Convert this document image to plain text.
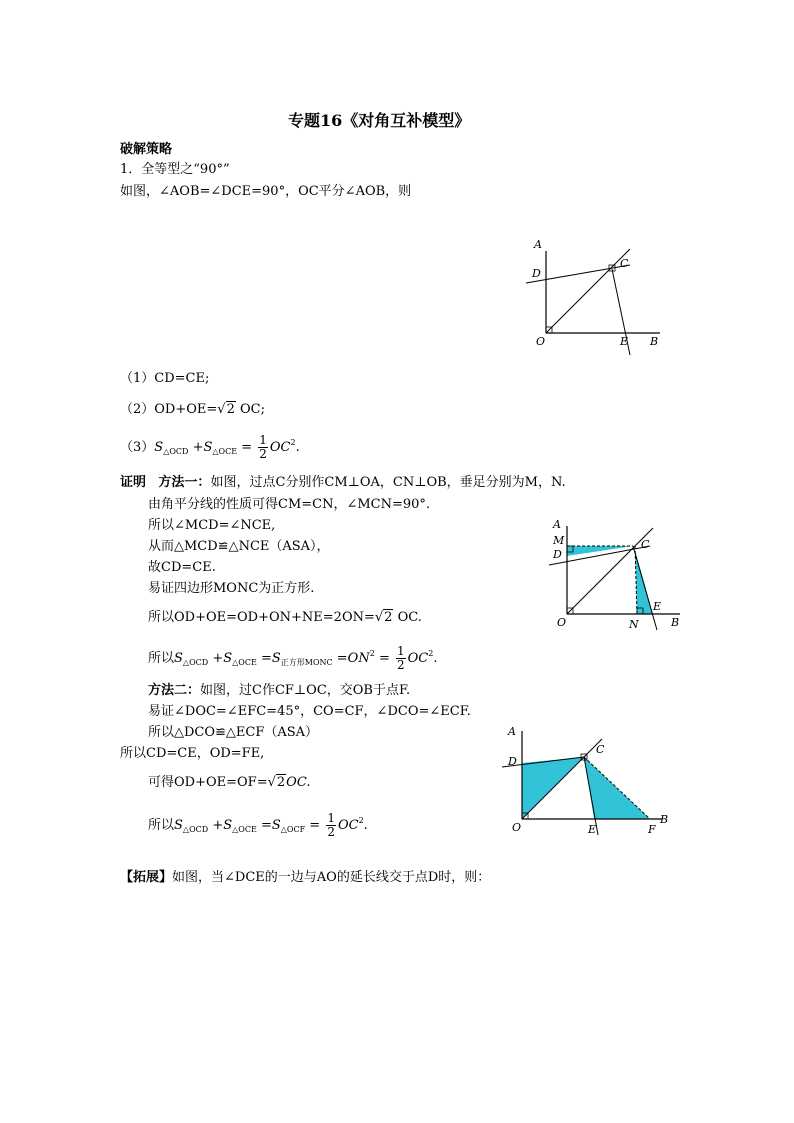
专题16《对角互补模型》
破解策略
1．全等型之“90°”
如图，∠AOB=∠DCE=90°，OC平分∠AOB，则
A
D
C
O	E B
（1）CD=CE;
（2）OD+OE=√2 OC;
$(3)S_{\triangle OCD} +S_{\triangle OCE} = \frac{1}{2} OC^2$.
证明 方法一：如图，过点C分别作CM⊥OA，CN⊥OB，垂足分别为M，N.
由角平分线的性质可得CM=CN，∠MCN=90°.
所以∠MCD=∠NCE,
从而△MCD≌△NCE（ASA），
故CD=CE.
易证四边形MONC为正方形.
所以OD+OE=OD+ON+NE=2ON=√2 OC.
所以$S_{\triangle OCD} +S_{\triangle OCE} =S_{正方形MONC} =ON^2 = \frac{1}{2} OC^2$.
A
M
D
C
O	N
E
B
方法二：如图，过C作CF⊥OC，交OB于点F.
易证∠DOC=∠EFC=45°，CO=CF，∠DCO=∠ECF.
所以△DCO≌△ECF（ASA）
所以CD=CE，OD=FE,
可得OD+OE=OF=√2OC.
所以$S_{\triangle OCD} +S_{\triangle OCE} =S_{\triangle OCF} = \frac{1}{2} OC^2$.
A
D
C
O	E	F
B
【拓展】如图，当∠DCE的一边与AO的延长线交于点D时，则：
